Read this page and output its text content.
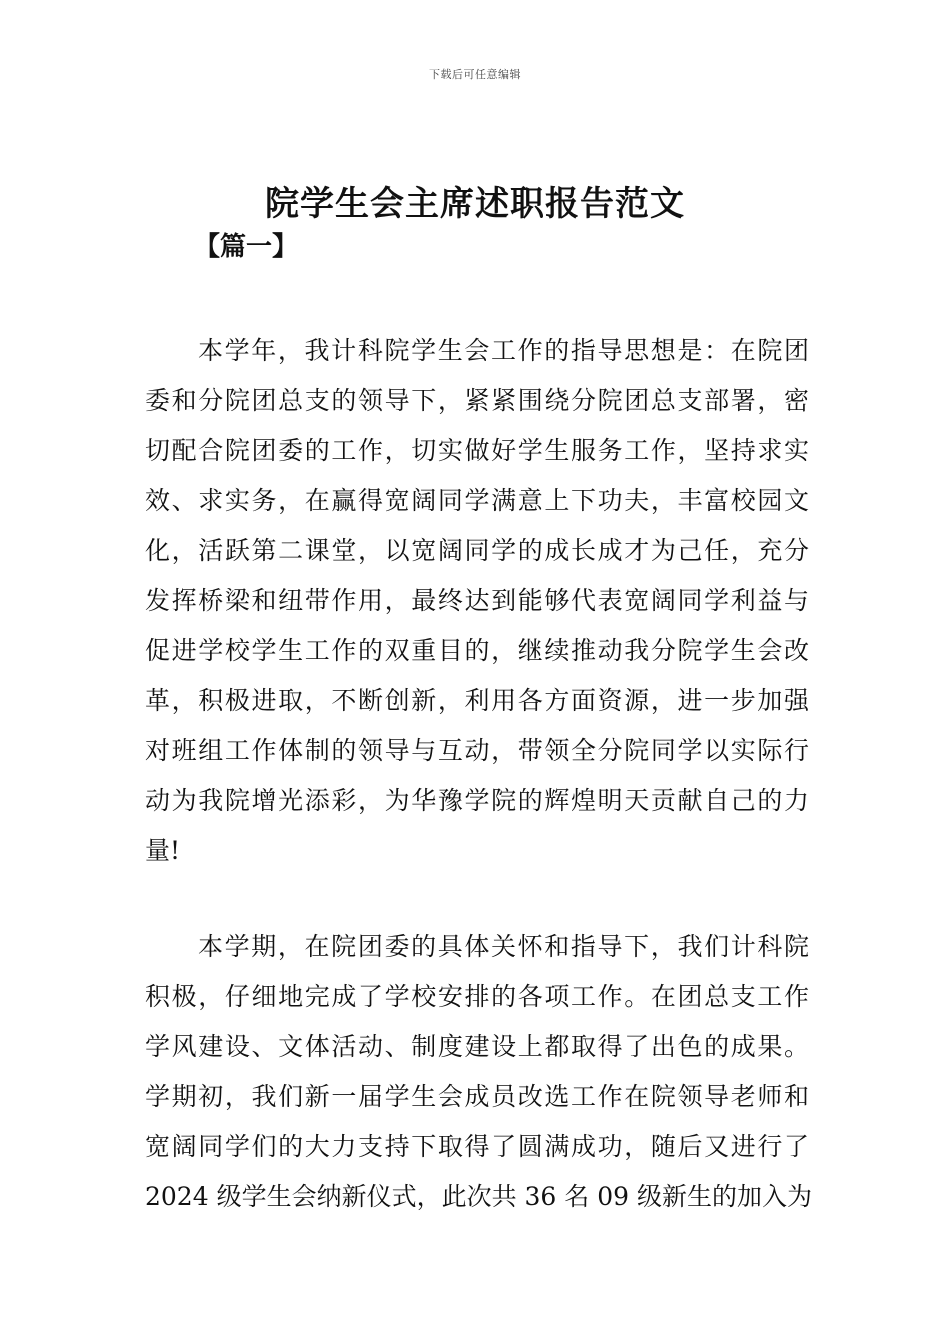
下载后可任意编辑
院学生会主席述职报告范文
【篇一】
本学年，我计科院学生会工作的指导思想是：在院团
委和分院团总支的领导下，紧紧围绕分院团总支部署，密
切配合院团委的工作，切实做好学生服务工作，坚持求实
效、求实务，在赢得宽阔同学满意上下功夫，丰富校园文
化，活跃第二课堂，以宽阔同学的成长成才为己任，充分
发挥桥梁和纽带作用，最终达到能够代表宽阔同学利益与
促进学校学生工作的双重目的，继续推动我分院学生会改
革，积极进取，不断创新，利用各方面资源，进一步加强
对班组工作体制的领导与互动，带领全分院同学以实际行
动为我院增光添彩，为华豫学院的辉煌明天贡献自己的力
量!
本学期，在院团委的具体关怀和指导下，我们计科院
积极，仔细地完成了学校安排的各项工作。在团总支工作
学风建设、文体活动、制度建设上都取得了出色的成果。
学期初，我们新一届学生会成员改选工作在院领导老师和
宽阔同学们的大力支持下取得了圆满成功，随后又进行了
2024 级学生会纳新仪式，此次共 36 名 09 级新生的加入为
